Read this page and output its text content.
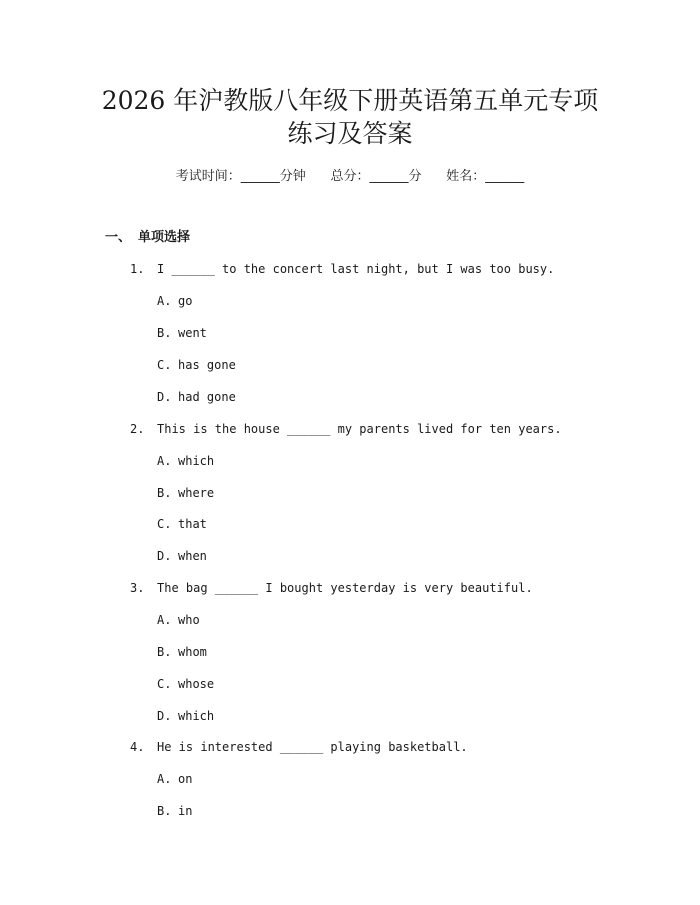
2026 年沪教版八年级下册英语第五单元专项
练习及答案
考试时间：______分钟      总分：______分      姓名：______
一、 单项选择
1. I ______ to the concert last night, but I was too busy.
A. go
B. went
C. has gone
D. had gone
2. This is the house ______ my parents lived for ten years.
A. which
B. where
C. that
D. when
3. The bag ______ I bought yesterday is very beautiful.
A. who
B. whom
C. whose
D. which
4. He is interested ______ playing basketball.
A. on
B. in
